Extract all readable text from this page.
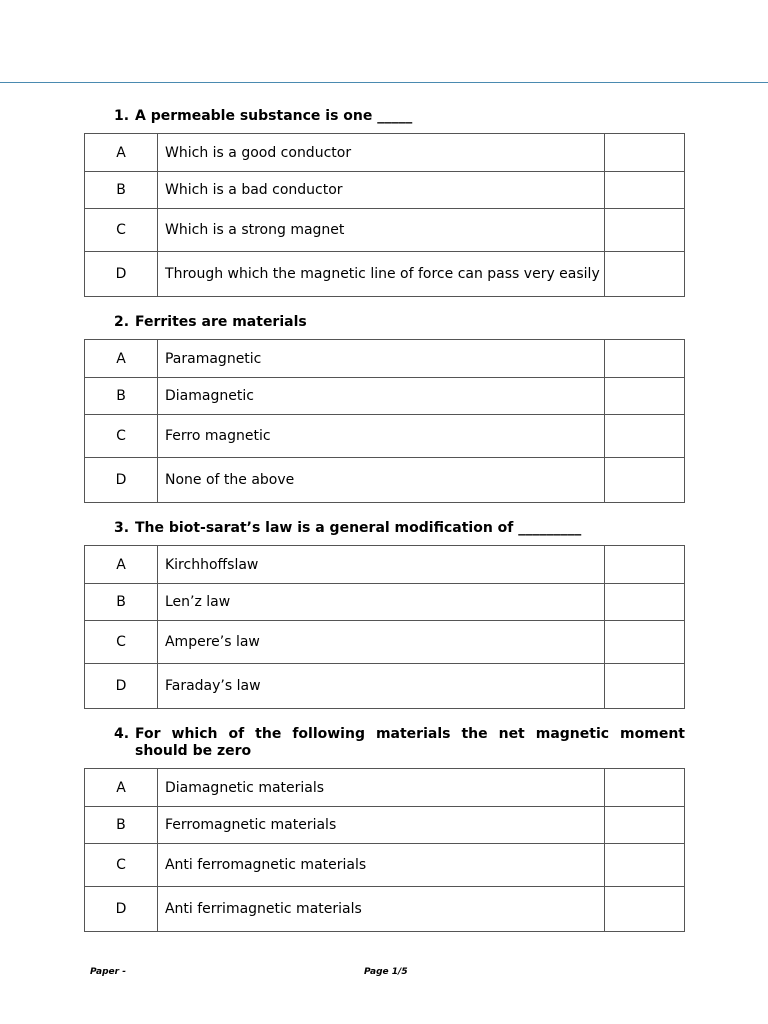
1. A permeable substance is one _____
A	Which is a good conductor	
B	Which is a bad conductor	
C	Which is a strong magnet	
D	Through which the magnetic line of force can pass very easily	
2. Ferrites are materials
A	Paramagnetic	
B	Diamagnetic	
C	Ferro magnetic	
D	None of the above	
3. The biot-sarat’s law is a general modification of _________
A	Kirchhoffslaw	
B	Len’z law	
C	Ampere’s law	
D	Faraday’s law	
4. For which of the following materials the net magnetic moment should be zero
A	Diamagnetic materials	
B	Ferromagnetic materials	
C	Anti ferromagnetic materials	
D	Anti ferrimagnetic materials	
Paper -	Page 1/5
